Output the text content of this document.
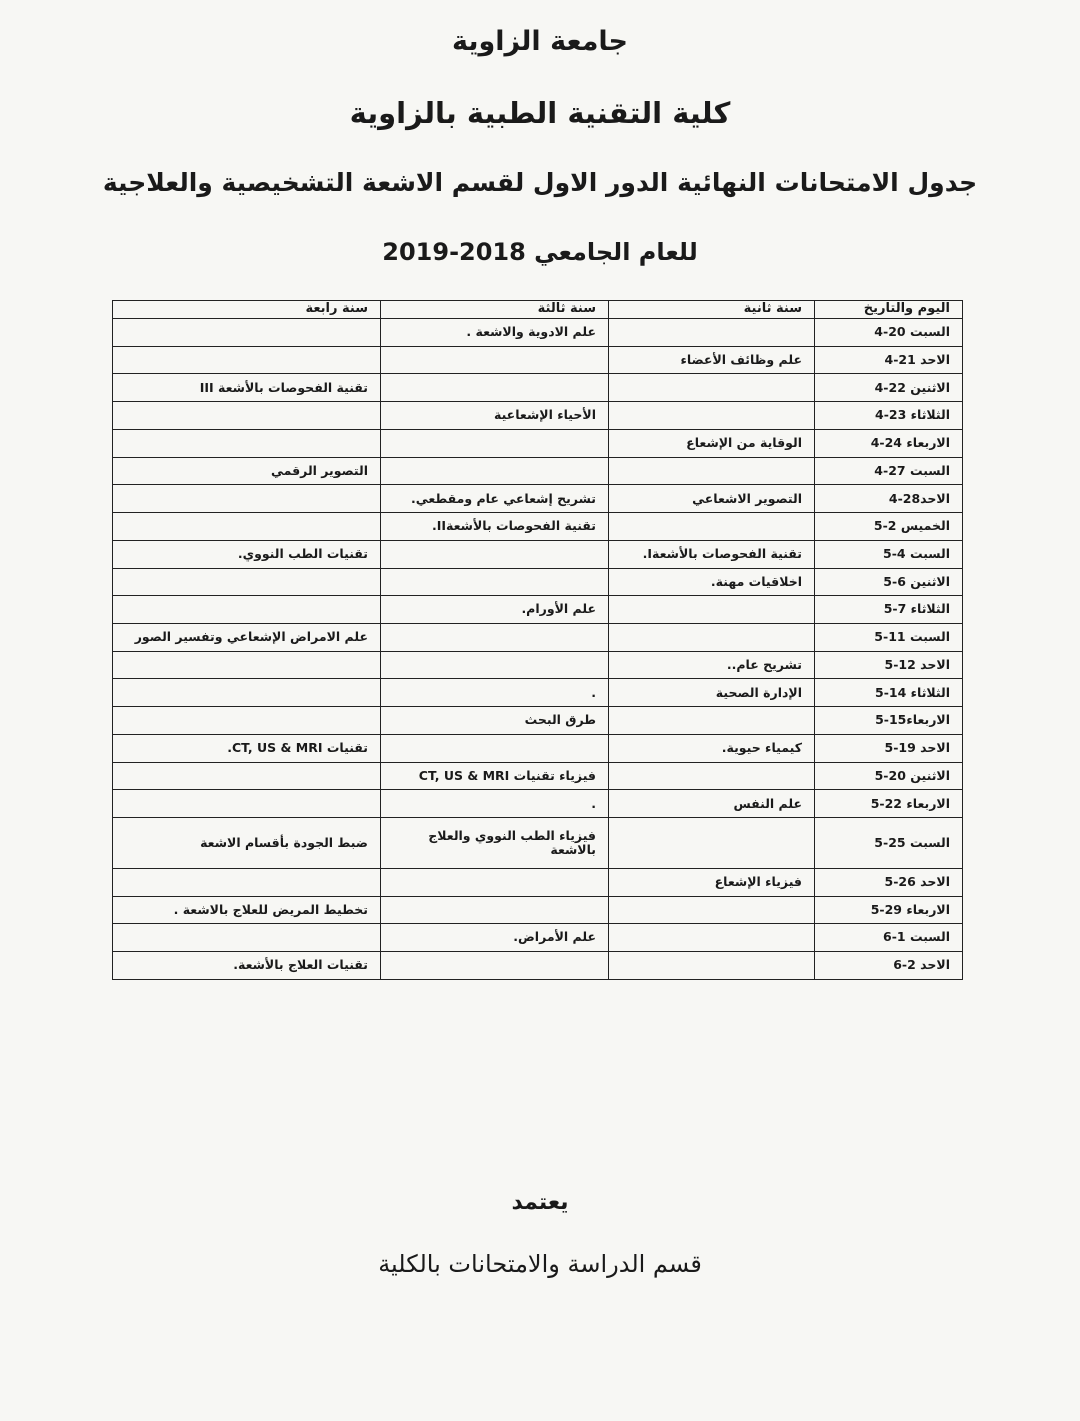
جامعة الزاوية
كلية التقنية الطبية بالزاوية
جدول الامتحانات النهائية الدور الاول لقسم الاشعة التشخيصية والعلاجية
للعام الجامعي 2018-2019
اليوم والتاريخ	سنة ثانية	سنة ثالثة	سنة رابعة
السبت 20-4		علم الادوية والاشعة .	
الاحد 21-4	علم وظائف الأعضاء		
الاثنين 22-4			تقنية الفحوصات بالأشعة III
الثلاثاء 23-4		الأحياء الإشعاعية	
الاربعاء 24-4	الوقاية من الإشعاع		
السبت 27-4			التصوير الرقمي
الاحد28-4	التصوير الاشعاعي	تشريح إشعاعي عام ومقطعي.	
الخميس 2-5		تقنية الفحوصات بالأشعةII.	
السبت 4-5	تقنية الفحوصات بالأشعةI.		تقنيات الطب النووي.
الاثنين 6-5	اخلاقيات مهنة.		
الثلاثاء 7-5		علم الأورام.	
السبت 11-5			علم الامراض الإشعاعي وتفسير الصور
الاحد 12-5	تشريح عام..		
الثلاثاء 14-5	الإدارة الصحية	.	
الاربعاء15-5		طرق البحث	
الاحد 19-5	كيمياء حيوية.		تقنيات CT, US & MRI.
الاثنين 20-5		فيزياء تقنيات CT, US & MRI	
الاربعاء 22-5	علم النفس	.	
السبت 25-5		فيزياء الطب النووي والعلاج بالاشعة	ضبط الجودة بأقسام الاشعة
الاحد 26-5	فيزياء الإشعاع		
الاربعاء 29-5			تخطيط المريض للعلاج بالاشعة .
السبت 1-6		علم الأمراض.	
الاحد 2-6			تقنيات العلاج بالأشعة.
يعتمد
قسم الدراسة والامتحانات بالكلية
